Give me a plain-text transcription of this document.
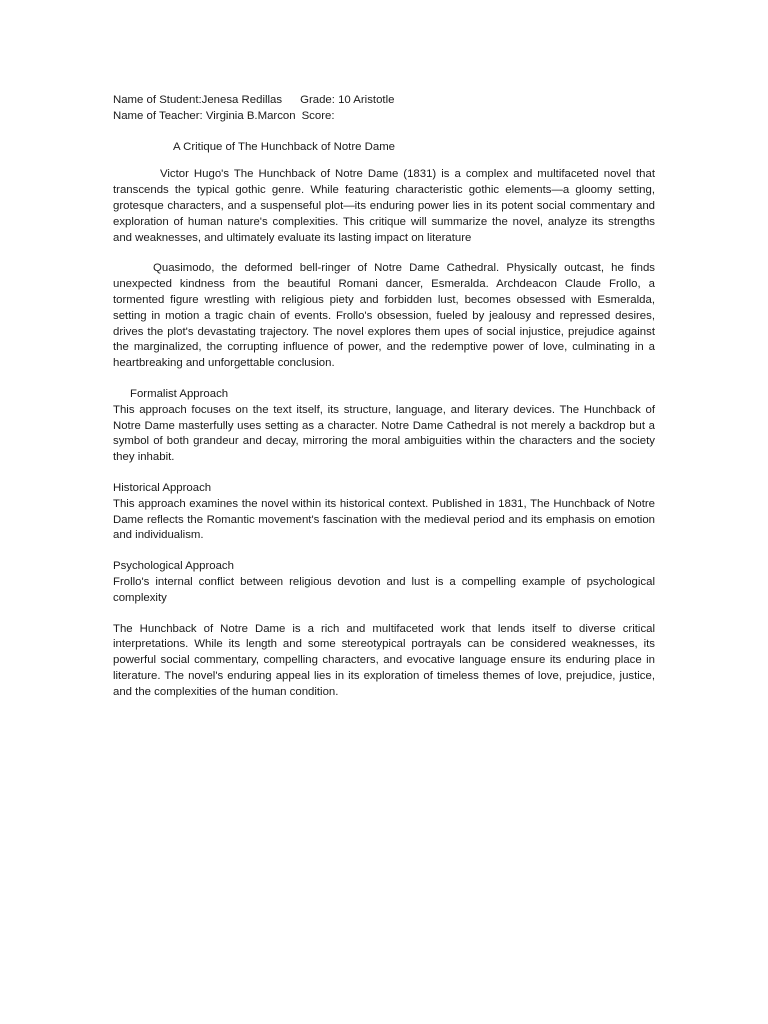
Name of Student:Jenesa Redillas Grade: 10 Aristotle

Name of Teacher: Virginia B.Marcon Score:

A Critique of The Hunchback of Notre Dame

Victor Hugo's The Hunchback of Notre Dame (1831) is a complex and multifaceted novel that transcends the typical gothic genre. While featuring characteristic gothic elements—a gloomy setting, grotesque characters, and a suspenseful plot—its enduring power lies in its potent social commentary and exploration of human nature's complexities. This critique will summarize the novel, analyze its strengths and weaknesses, and ultimately evaluate its lasting impact on literature

Quasimodo, the deformed bell-ringer of Notre Dame Cathedral. Physically outcast, he finds unexpected kindness from the beautiful Romani dancer, Esmeralda. Archdeacon Claude Frollo, a tormented figure wrestling with religious piety and forbidden lust, becomes obsessed with Esmeralda, setting in motion a tragic chain of events. Frollo's obsession, fueled by jealousy and repressed desires, drives the plot's devastating trajectory. The novel explores them upes of social injustice, prejudice against the marginalized, the corrupting influence of power, and the redemptive power of love, culminating in a heartbreaking and unforgettable conclusion.

Formalist Approach

This approach focuses on the text itself, its structure, language, and literary devices. The Hunchback of Notre Dame masterfully uses setting as a character. Notre Dame Cathedral is not merely a backdrop but a symbol of both grandeur and decay, mirroring the moral ambiguities within the characters and the society they inhabit.

Historical Approach

This approach examines the novel within its historical context. Published in 1831, The Hunchback of Notre Dame reflects the Romantic movement's fascination with the medieval period and its emphasis on emotion and individualism.

Psychological Approach

Frollo's internal conflict between religious devotion and lust is a compelling example of psychological complexity

The Hunchback of Notre Dame is a rich and multifaceted work that lends itself to diverse critical interpretations. While its length and some stereotypical portrayals can be considered weaknesses, its powerful social commentary, compelling characters, and evocative language ensure its enduring place in literature. The novel's enduring appeal lies in its exploration of timeless themes of love, prejudice, justice, and the complexities of the human condition.
